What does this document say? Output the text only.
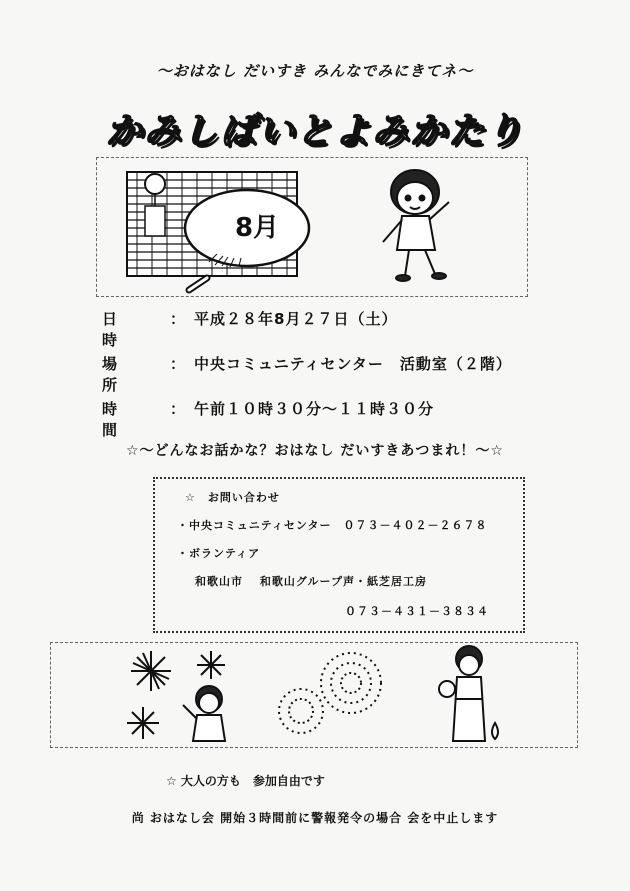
～おはなし だいすき みんなでみにきてネ～
かみしばいとよみかたり
8月
日時
： 平成２８年8月２７日（土）
場所
： 中央コミュニティセンター　活動室（２階）
時間
： 午前１０時３０分～１１時３０分
☆～どんなお話かな？おはなし だいすきあつまれ！～☆
☆　お問い合わせ
・中央コミュニティセンター　０７３－４０２－２６７８
・ボランティア
和歌山市　 和歌山グループ声・紙芝居工房
０７３－４３１－３８３４
☆ 大人の方も　参加自由です
尚 おはなし会 開始３時間前に警報発令の場合 会を中止します
